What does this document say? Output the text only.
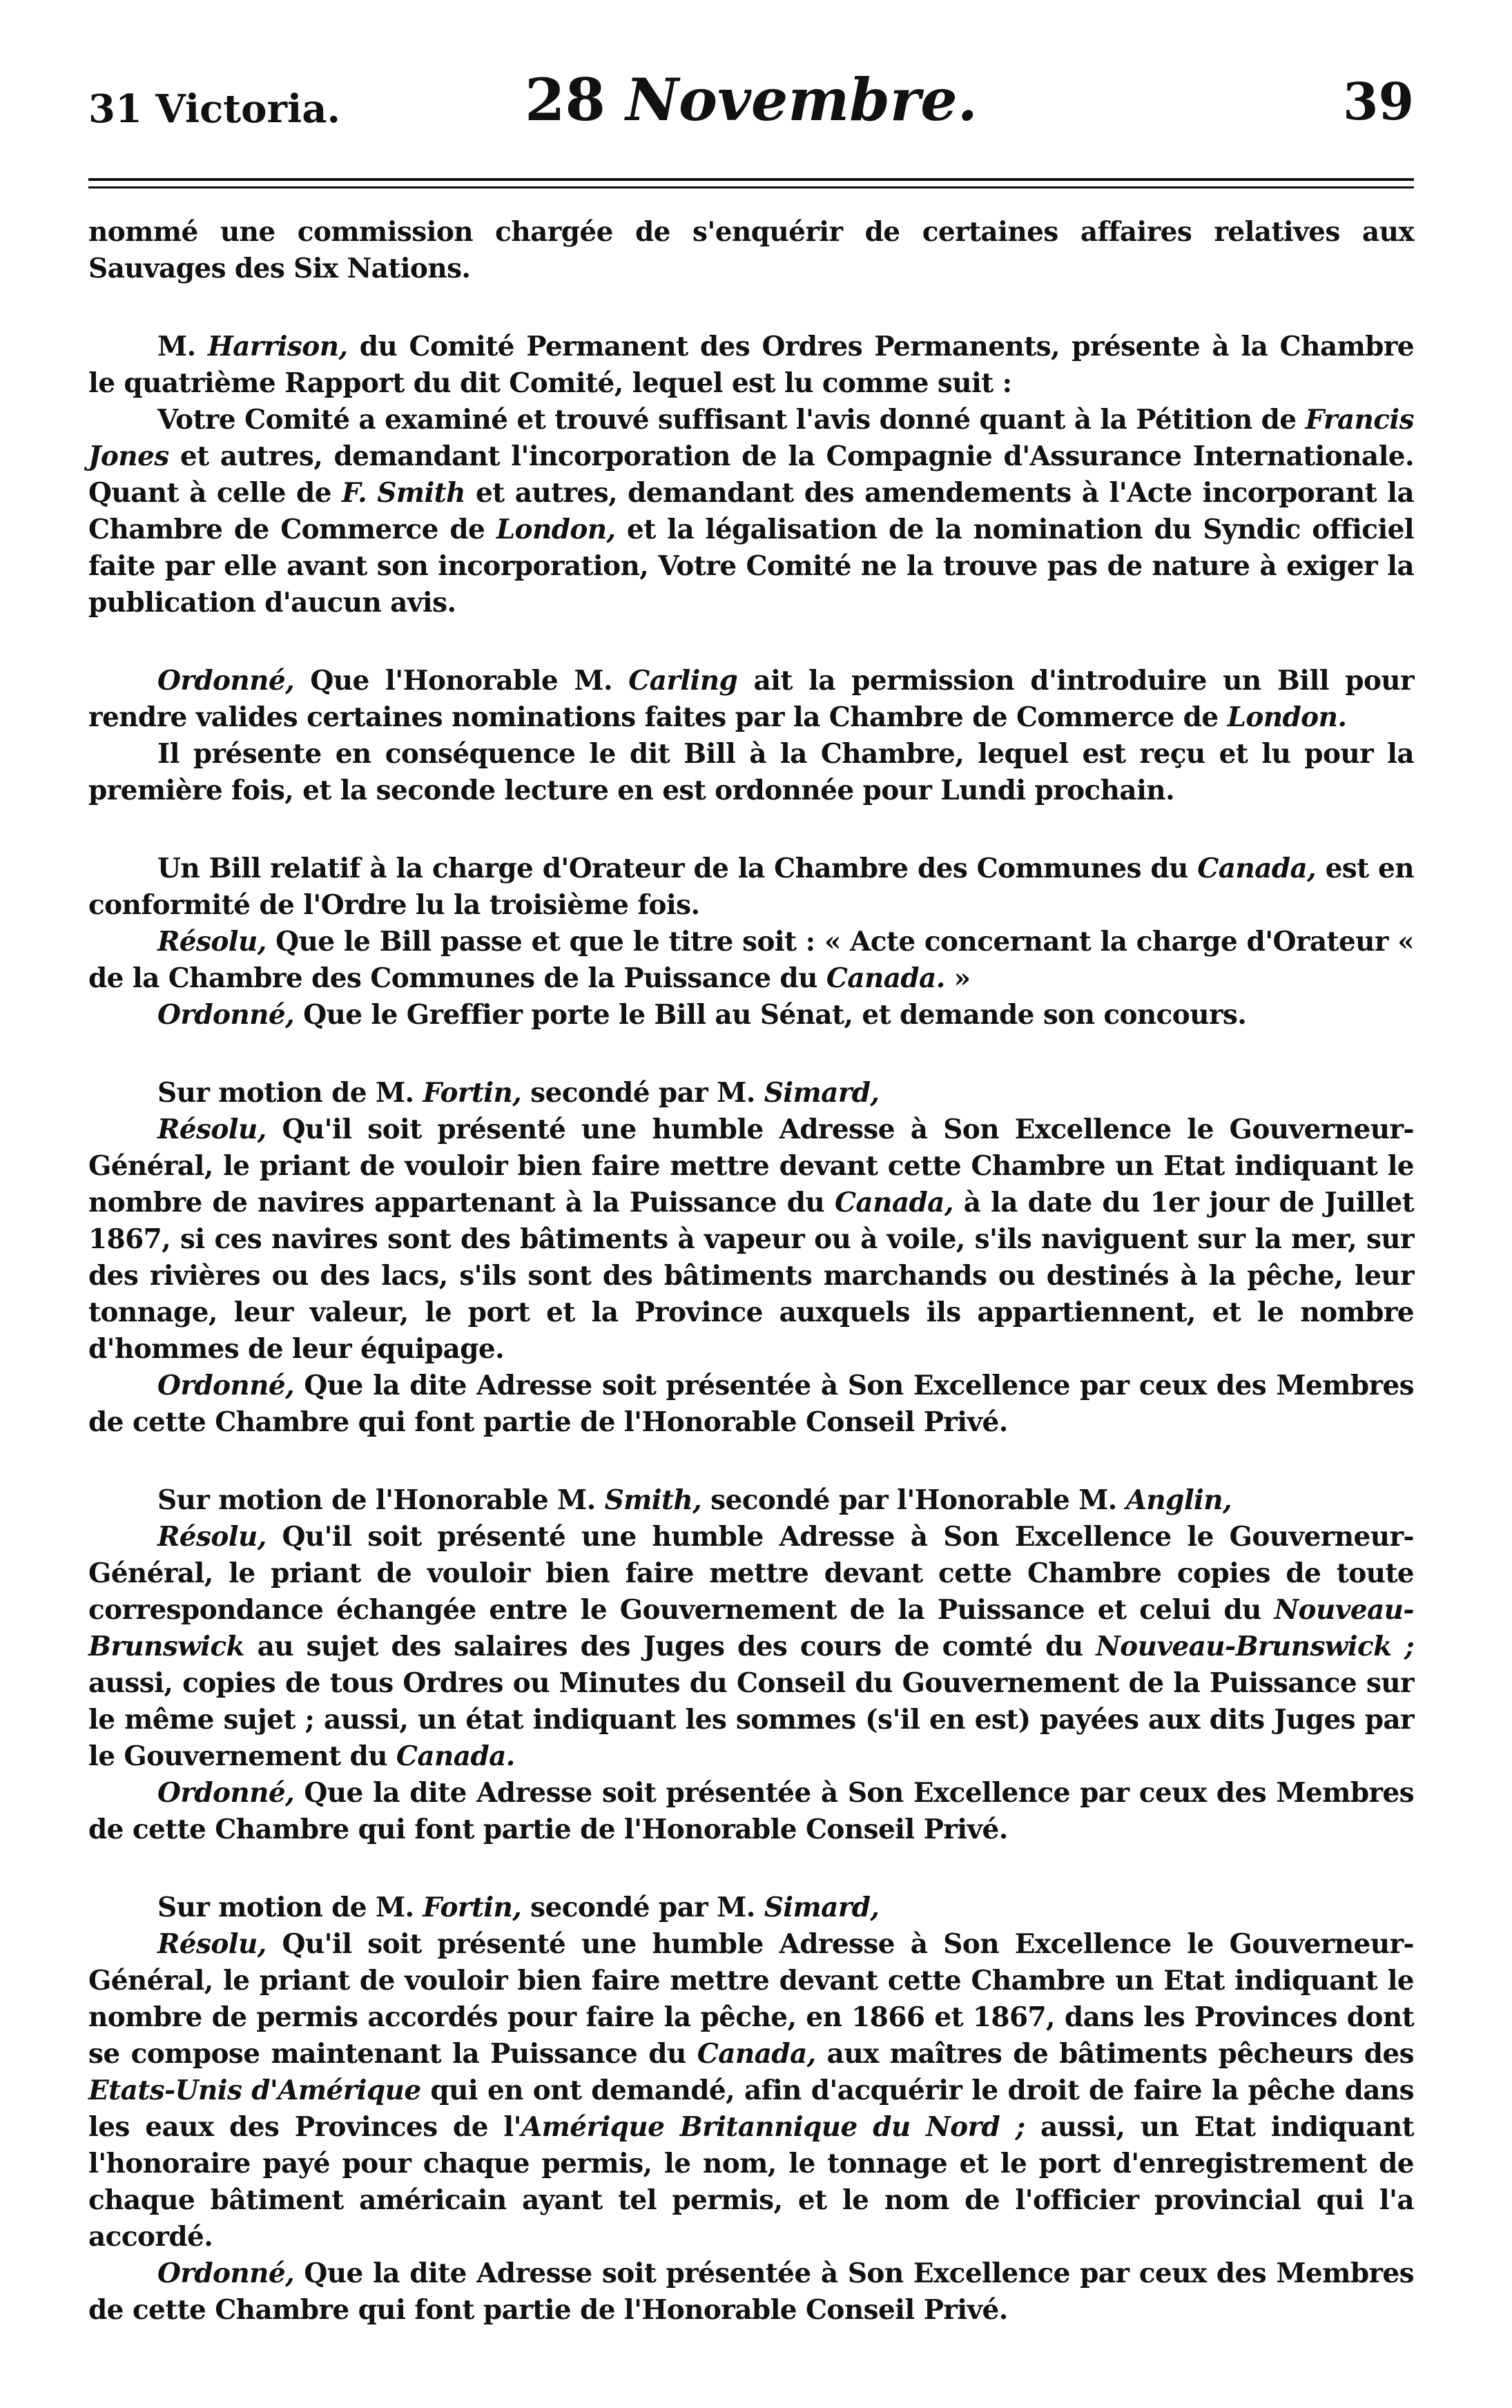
31 Victoria.	28 Novembre.	39

nommé une commission chargée de s'enquérir de certaines affaires relatives aux Sauvages des Six Nations.

M. Harrison, du Comité Permanent des Ordres Permanents, présente à la Chambre le quatrième Rapport du dit Comité, lequel est lu comme suit :

Votre Comité a examiné et trouvé suffisant l'avis donné quant à la Pétition de Francis Jones et autres, demandant l'incorporation de la Compagnie d'Assurance Internationale. Quant à celle de F. Smith et autres, demandant des amendements à l'Acte incorporant la Chambre de Commerce de London, et la légalisation de la nomination du Syndic officiel faite par elle avant son incorporation, Votre Comité ne la trouve pas de nature à exiger la publication d'aucun avis.

Ordonné, Que l'Honorable M. Carling ait la permission d'introduire un Bill pour rendre valides certaines nominations faites par la Chambre de Commerce de London.

Il présente en conséquence le dit Bill à la Chambre, lequel est reçu et lu pour la première fois, et la seconde lecture en est ordonnée pour Lundi prochain.

Un Bill relatif à la charge d'Orateur de la Chambre des Communes du Canada, est en conformité de l'Ordre lu la troisième fois.

Résolu, Que le Bill passe et que le titre soit : « Acte concernant la charge d'Orateur « de la Chambre des Communes de la Puissance du Canada. »

Ordonné, Que le Greffier porte le Bill au Sénat, et demande son concours.

Sur motion de M. Fortin, secondé par M. Simard,

Résolu, Qu'il soit présenté une humble Adresse à Son Excellence le Gouverneur-Général, le priant de vouloir bien faire mettre devant cette Chambre un Etat indiquant le nombre de navires appartenant à la Puissance du Canada, à la date du 1er jour de Juillet 1867, si ces navires sont des bâtiments à vapeur ou à voile, s'ils naviguent sur la mer, sur des rivières ou des lacs, s'ils sont des bâtiments marchands ou destinés à la pêche, leur tonnage, leur valeur, le port et la Province auxquels ils appartiennent, et le nombre d'hommes de leur équipage.

Ordonné, Que la dite Adresse soit présentée à Son Excellence par ceux des Membres de cette Chambre qui font partie de l'Honorable Conseil Privé.

Sur motion de l'Honorable M. Smith, secondé par l'Honorable M. Anglin,

Résolu, Qu'il soit présenté une humble Adresse à Son Excellence le Gouverneur-Général, le priant de vouloir bien faire mettre devant cette Chambre copies de toute correspondance échangée entre le Gouvernement de la Puissance et celui du Nouveau-Brunswick au sujet des salaires des Juges des cours de comté du Nouveau-Brunswick ; aussi, copies de tous Ordres ou Minutes du Conseil du Gouvernement de la Puissance sur le même sujet ; aussi, un état indiquant les sommes (s'il en est) payées aux dits Juges par le Gouvernement du Canada.

Ordonné, Que la dite Adresse soit présentée à Son Excellence par ceux des Membres de cette Chambre qui font partie de l'Honorable Conseil Privé.

Sur motion de M. Fortin, secondé par M. Simard,

Résolu, Qu'il soit présenté une humble Adresse à Son Excellence le Gouverneur-Général, le priant de vouloir bien faire mettre devant cette Chambre un Etat indiquant le nombre de permis accordés pour faire la pêche, en 1866 et 1867, dans les Provinces dont se compose maintenant la Puissance du Canada, aux maîtres de bâtiments pêcheurs des Etats-Unis d'Amérique qui en ont demandé, afin d'acquérir le droit de faire la pêche dans les eaux des Provinces de l'Amérique Britannique du Nord ; aussi, un Etat indiquant l'honoraire payé pour chaque permis, le nom, le tonnage et le port d'enregistrement de chaque bâtiment américain ayant tel permis, et le nom de l'officier provincial qui l'a accordé.

Ordonné, Que la dite Adresse soit présentée à Son Excellence par ceux des Membres de cette Chambre qui font partie de l'Honorable Conseil Privé.
